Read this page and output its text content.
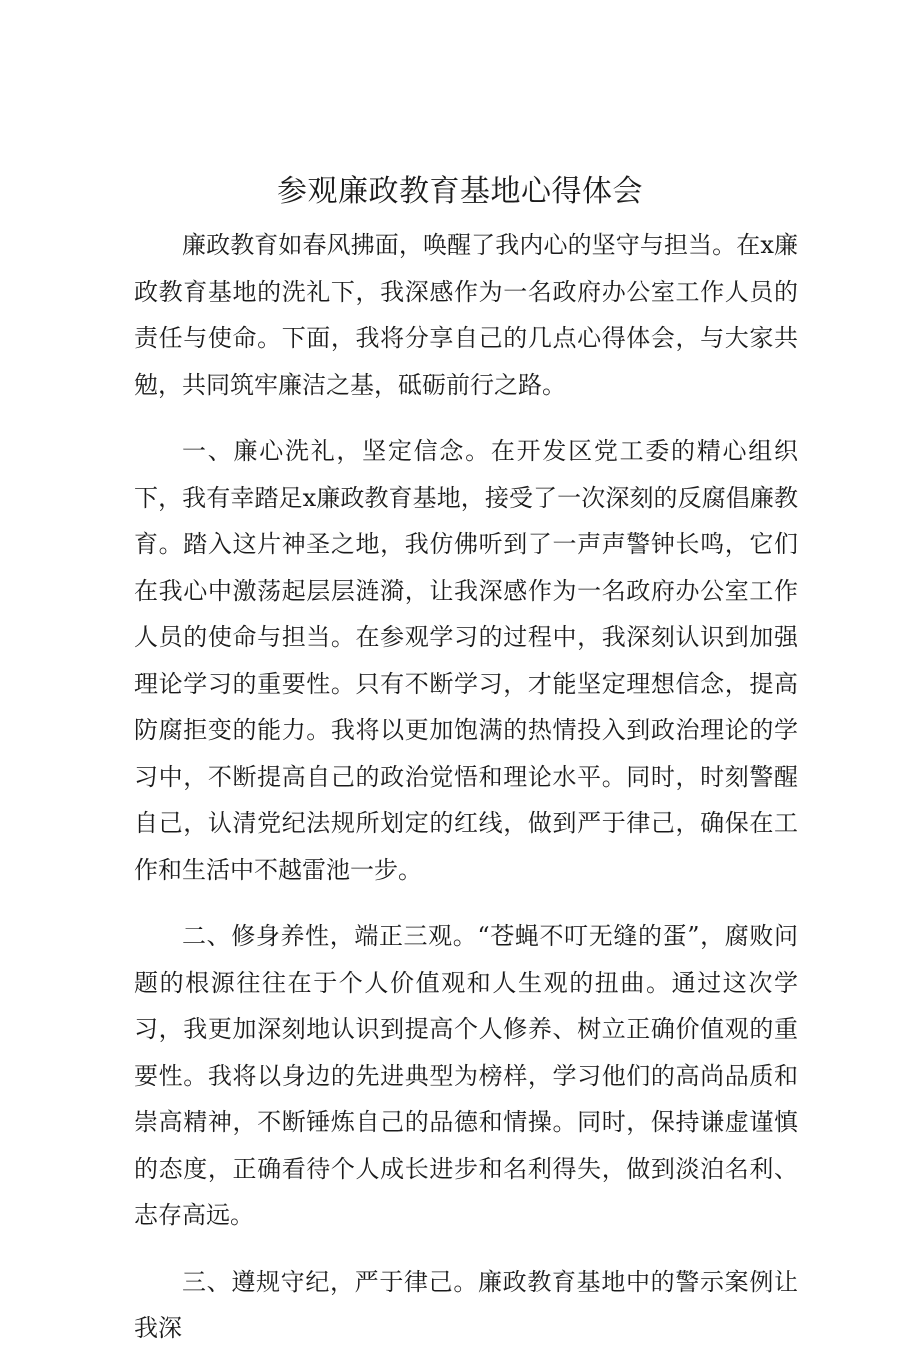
参观廉政教育基地心得体会

廉政教育如春风拂面，唤醒了我内心的坚守与担当。在x廉政教育基地的洗礼下，我深感作为一名政府办公室工作人员的责任与使命。下面，我将分享自己的几点心得体会，与大家共勉，共同筑牢廉洁之基，砥砺前行之路。

一、廉心洗礼，坚定信念。在开发区党工委的精心组织下，我有幸踏足x廉政教育基地，接受了一次深刻的反腐倡廉教育。踏入这片神圣之地，我仿佛听到了一声声警钟长鸣，它们在我心中激荡起层层涟漪，让我深感作为一名政府办公室工作人员的使命与担当。在参观学习的过程中，我深刻认识到加强理论学习的重要性。只有不断学习，才能坚定理想信念，提高防腐拒变的能力。我将以更加饱满的热情投入到政治理论的学习中，不断提高自己的政治觉悟和理论水平。同时，时刻警醒自己，认清党纪法规所划定的红线，做到严于律己，确保在工作和生活中不越雷池一步。

二、修身养性，端正三观。“苍蝇不叮无缝的蛋”，腐败问题的根源往往在于个人价值观和人生观的扭曲。通过这次学习，我更加深刻地认识到提高个人修养、树立正确价值观的重要性。我将以身边的先进典型为榜样，学习他们的高尚品质和崇高精神，不断锤炼自己的品德和情操。同时，保持谦虚谨慎的态度，正确看待个人成长进步和名利得失，做到淡泊名利、志存高远。

三、遵规守纪，严于律己。廉政教育基地中的警示案例让我深
